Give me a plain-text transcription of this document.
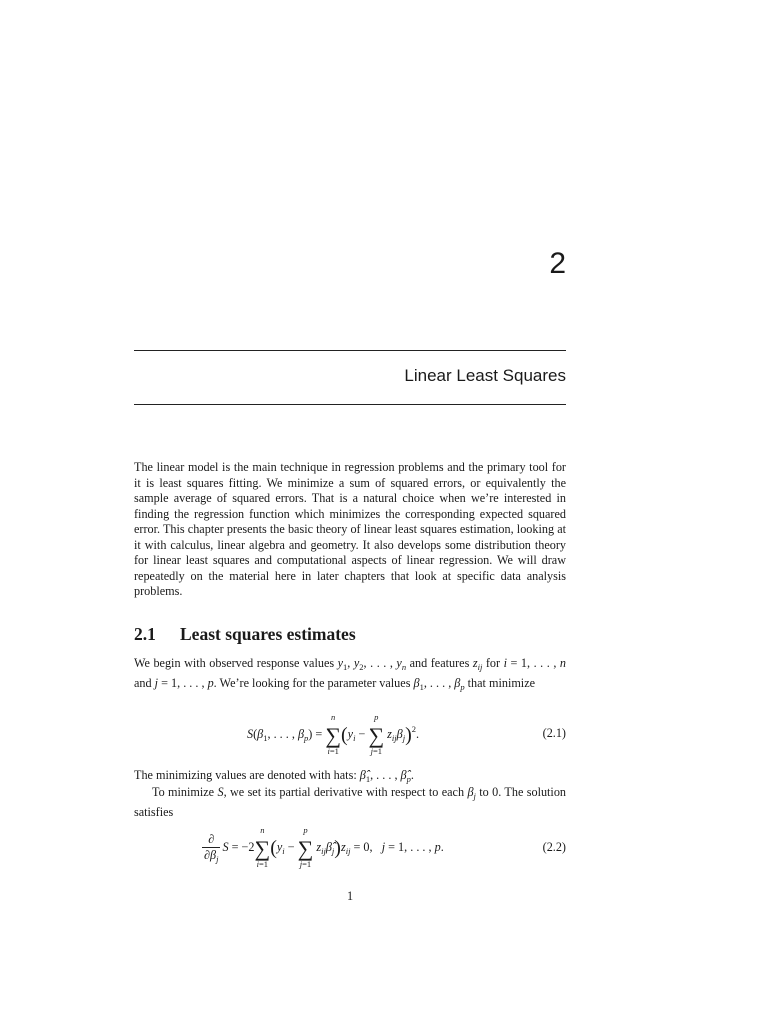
2
Linear Least Squares
The linear model is the main technique in regression problems and the primary tool for it is least squares fitting. We minimize a sum of squared errors, or equivalently the sample average of squared errors. That is a natural choice when we’re interested in finding the regression function which minimizes the corresponding expected squared error. This chapter presents the basic theory of linear least squares estimation, looking at it with calculus, linear algebra and geometry. It also develops some distribution theory for linear least squares and computational aspects of linear regression. We will draw repeatedly on the material here in later chapters that look at specific data analysis problems.
2.1 Least squares estimates
We begin with observed response values $y_1$, $y_2$, . . . , $y_n$ and features $z_{ij}$ for i = 1, . . . , n and j = 1, . . . , p. We’re looking for the parameter values $\beta_1$, . . . , $\beta_p$ that minimize
$S(\beta_1$, . . . , $\beta_p$) =
n
∑
i=1
($y_i$ −
p
∑
j=1
$z_{ij}\beta_j)^2$.	(2.1)
The minimizing values are denoted with hats: $\betâ_1$, . . . , $\betâ_p$.
To minimize S, we set its partial derivative with respect to each $\beta_j$ to 0. The solution satisfies
$\frac{\partial}{\partial\beta_j}$ S = −2
n
∑
i=1
($y_i$ −
p
∑
j=1
$z_{ij}\betâ_j)z_{ij} = 0$,   j = 1, . . . , p.	(2.2)
1
